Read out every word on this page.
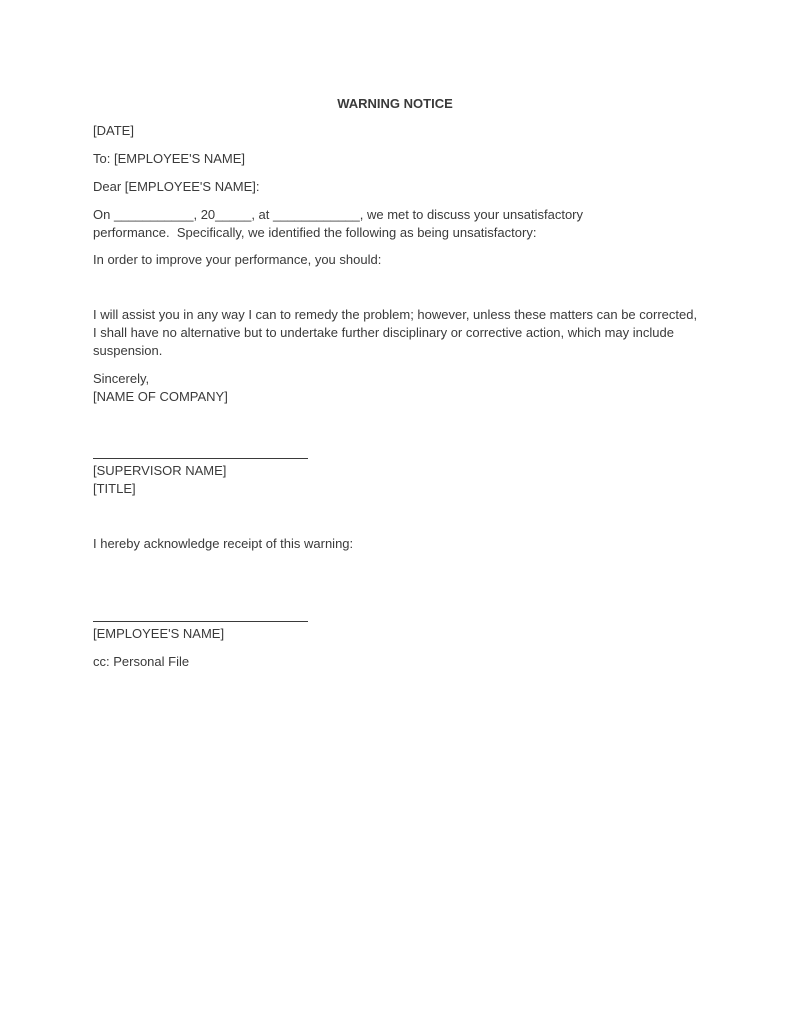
WARNING NOTICE
[DATE]
To: [EMPLOYEE'S NAME]
Dear [EMPLOYEE'S NAME]:
On ___________, 20_____, at ____________, we met to discuss your unsatisfactory
performance.  Specifically, we identified the following as being unsatisfactory:
In order to improve your performance, you should:
I will assist you in any way I can to remedy the problem; however, unless these matters can be corrected,
I shall have no alternative but to undertake further disciplinary or corrective action, which may include
suspension.
Sincerely,
[NAME OF COMPANY]
[SUPERVISOR NAME]
[TITLE]
I hereby acknowledge receipt of this warning:
[EMPLOYEE'S NAME]
cc: Personal File
